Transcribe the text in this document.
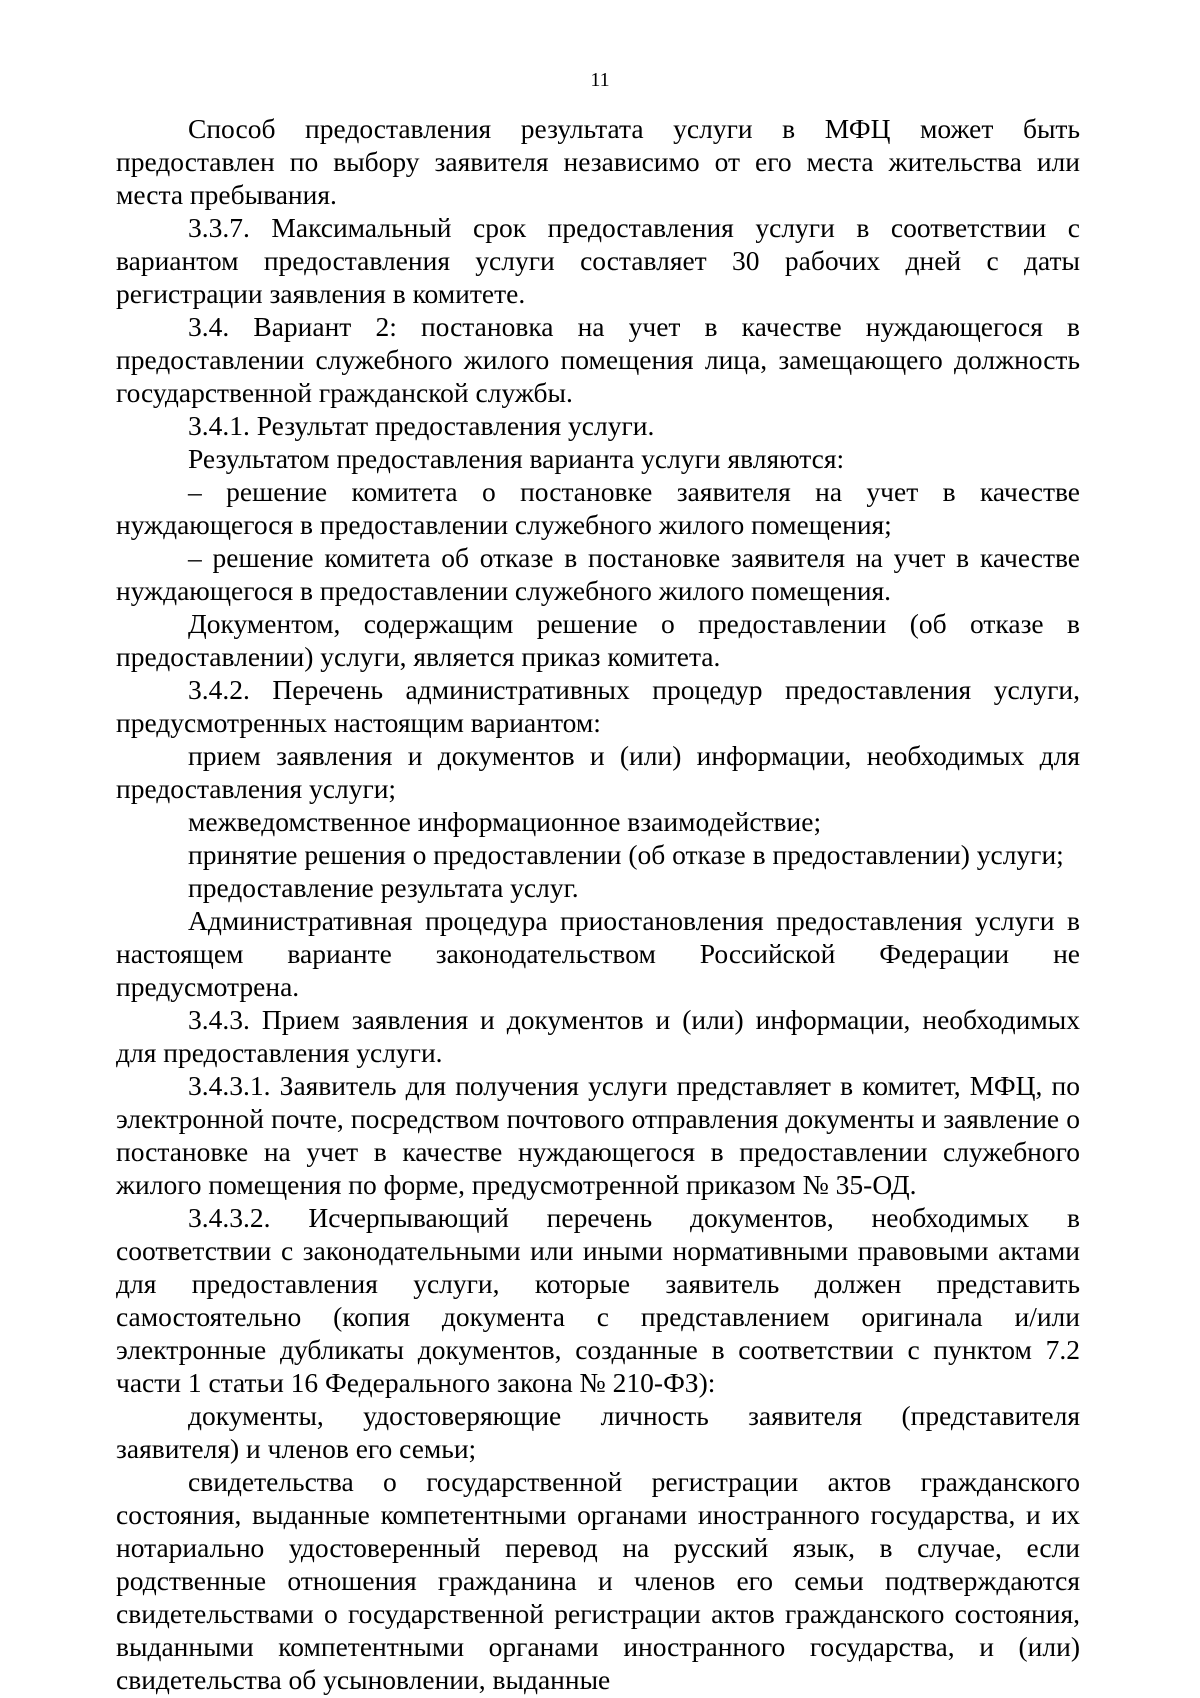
11

Способ предоставления результата услуги в МФЦ может быть предоставлен по выбору заявителя независимо от его места жительства или места пребывания.

3.3.7. Максимальный срок предоставления услуги в соответствии с вариантом предоставления услуги составляет 30 рабочих дней с даты регистрации заявления в комитете.

3.4. Вариант 2: постановка на учет в качестве нуждающегося в предоставлении служебного жилого помещения лица, замещающего должность государственной гражданской службы.

3.4.1. Результат предоставления услуги.

Результатом предоставления варианта услуги являются:

– решение комитета о постановке заявителя на учет в качестве нуждающегося в предоставлении служебного жилого помещения;

– решение комитета об отказе в постановке заявителя на учет в качестве нуждающегося в предоставлении служебного жилого помещения.

Документом, содержащим решение о предоставлении (об отказе в предоставлении) услуги, является приказ комитета.

3.4.2. Перечень административных процедур предоставления услуги, предусмотренных настоящим вариантом:

прием заявления и документов и (или) информации, необходимых для предоставления услуги;

межведомственное информационное взаимодействие;

принятие решения о предоставлении (об отказе в предоставлении) услуги;

предоставление результата услуг.

Административная процедура приостановления предоставления услуги в настоящем варианте законодательством Российской Федерации не предусмотрена.

3.4.3. Прием заявления и документов и (или) информации, необходимых для предоставления услуги.

3.4.3.1. Заявитель для получения услуги представляет в комитет, МФЦ, по электронной почте, посредством почтового отправления документы и заявление о постановке на учет в качестве нуждающегося в предоставлении служебного жилого помещения по форме, предусмотренной приказом № 35-ОД.

3.4.3.2. Исчерпывающий перечень документов, необходимых в соответствии с законодательными или иными нормативными правовыми актами для предоставления услуги, которые заявитель должен представить самостоятельно (копия документа с представлением оригинала и/или электронные дубликаты документов, созданные в соответствии с пунктом 7.2 части 1 статьи 16 Федерального закона № 210-ФЗ):

документы, удостоверяющие личность заявителя (представителя заявителя) и членов его семьи;

свидетельства о государственной регистрации актов гражданского состояния, выданные компетентными органами иностранного государства, и их нотариально удостоверенный перевод на русский язык, в случае, если родственные отношения гражданина и членов его семьи подтверждаются свидетельствами о государственной регистрации актов гражданского состояния, выданными компетентными органами иностранного государства, и (или) свидетельства об усыновлении, выданные
